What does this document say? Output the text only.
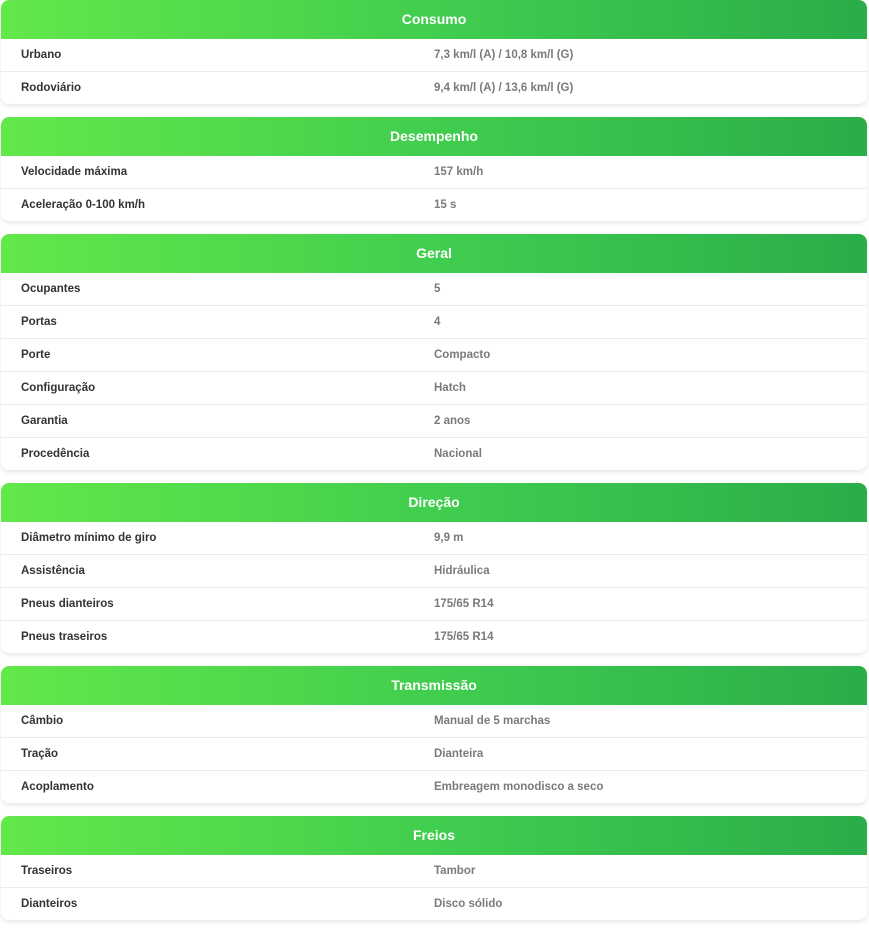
Consumo
Urbano	7,3 km/l (A) / 10,8 km/l (G)
Rodoviário	9,4 km/l (A) / 13,6 km/l (G)
Desempenho
Velocidade máxima	157 km/h
Aceleração 0-100 km/h	15 s
Geral
Ocupantes	5
Portas	4
Porte	Compacto
Configuração	Hatch
Garantia	2 anos
Procedência	Nacional
Direção
Diâmetro mínimo de giro	9,9 m
Assistência	Hidráulica
Pneus dianteiros	175/65 R14
Pneus traseiros	175/65 R14
Transmissão
Câmbio	Manual de 5 marchas
Tração	Dianteira
Acoplamento	Embreagem monodisco a seco
Freios
Traseiros	Tambor
Dianteiros	Disco sólido
